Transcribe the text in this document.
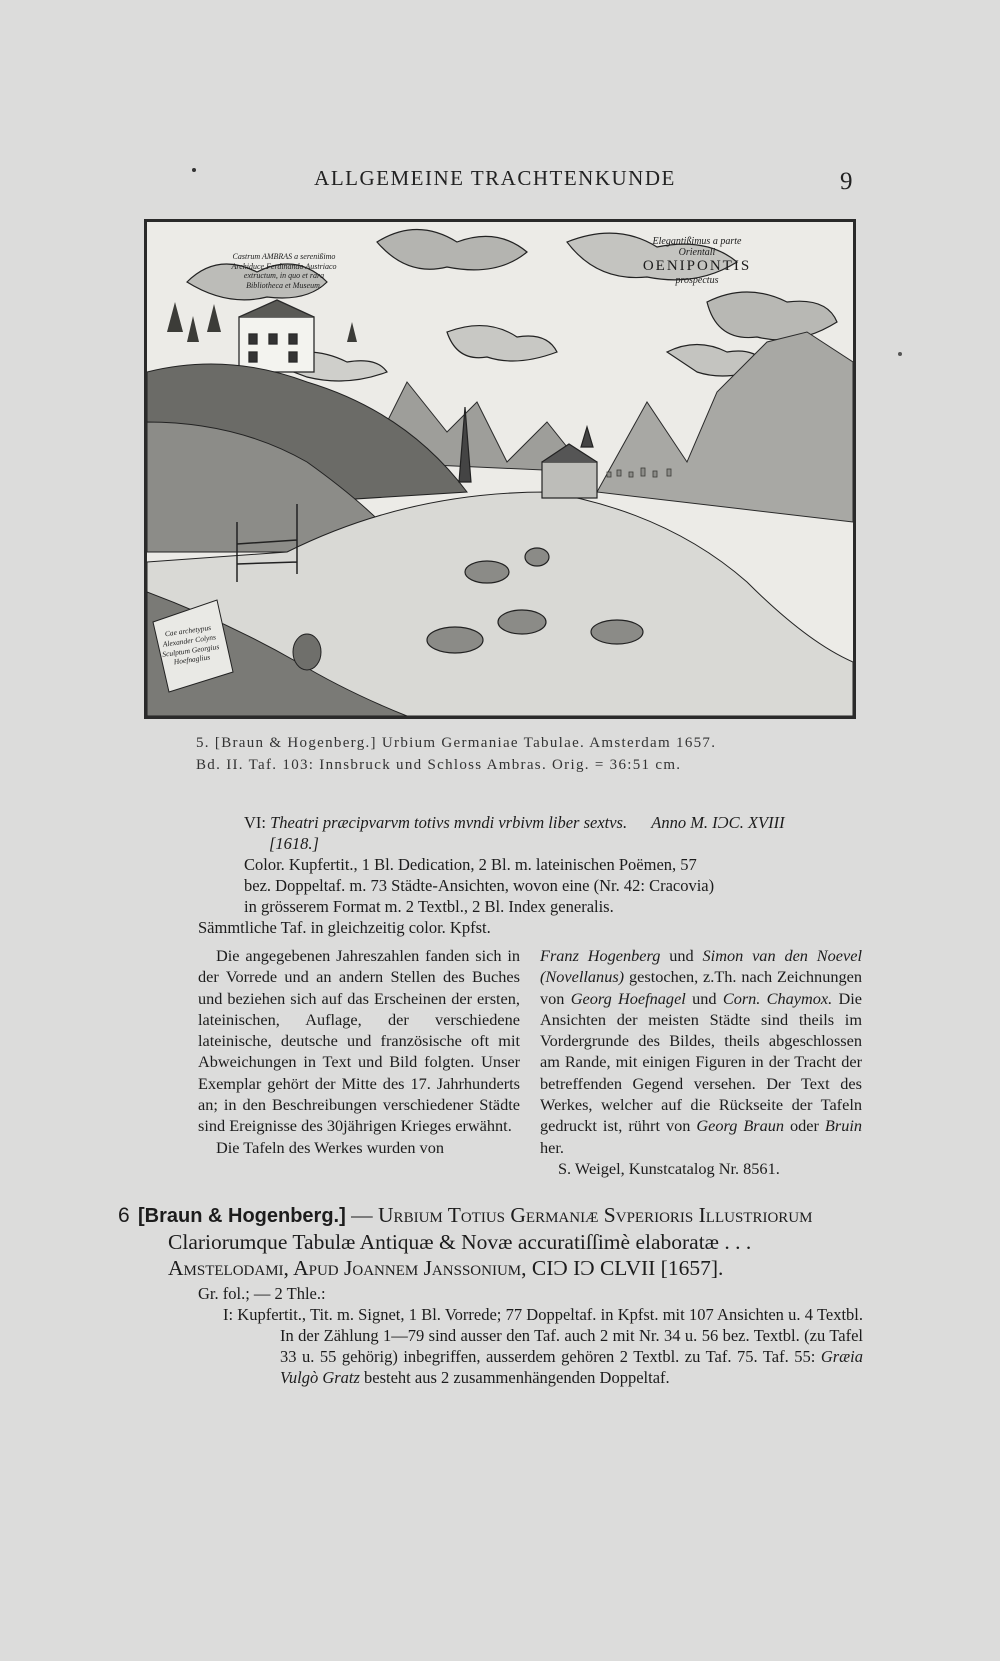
ALLGEMEINE TRACHTENKUNDE	9
Elegantißimus a parte Orientali
OENIPONTIS
prospectus
Castrum AMBRAS a serenißimo Archiduce Ferdinando Austriaco extructum, in quo et rara Bibliotheca et Museum.
Cae archetypus Alexander Colyns Sculptum Georgius Hoefnaglius
5. [Braun & Hogenberg.] Urbium Germaniae Tabulae. Amsterdam 1657.
Bd. II. Taf. 103: Innsbruck und Schloss Ambras. Orig. = 36:51 cm.

VI: Theatri præcipvarvm totivs mvndi vrbivm liber sextvs. Anno M. IϽC. XVIII
[1618.]

Color. Kupfertit., 1 Bl. Dedication, 2 Bl. m. lateinischen Poëmen, 57
bez. Doppeltaf. m. 73 Städte-Ansichten, wovon eine (Nr. 42: Cracovia)
in grösserem Format m. 2 Textbl., 2 Bl. Index generalis.

Sämmtliche Taf. in gleichzeitig color. Kpfst.

Die angegebenen Jahreszahlen fanden sich in der Vorrede und an andern Stellen des Buches und beziehen sich auf das Erscheinen der ersten, lateinischen, Auflage, der verschiedene lateinische, deutsche und französische oft mit Abweichungen in Text und Bild folgten. Unser Exemplar gehört der Mitte des 17. Jahrhunderts an; in den Beschreibungen verschiedener Städte sind Ereignisse des 30jährigen Krieges erwähnt.

Die Tafeln des Werkes wurden von

Franz Hogenberg und Simon van den Noevel (Novellanus) gestochen, z.Th. nach Zeichnungen von Georg Hoefnagel und Corn. Chaymox. Die Ansichten der meisten Städte sind theils im Vordergrunde des Bildes, theils abgeschlossen am Rande, mit einigen Figuren in der Tracht der betreffenden Gegend versehen. Der Text des Werkes, welcher auf die Rückseite der Tafeln gedruckt ist, rührt von Georg Braun oder Bruin her.

S. Weigel, Kunstcatalog Nr. 8561.

6 [Braun & Hogenberg.] — Urbium Totius Germaniæ Svperioris Illustriorum
Clariorumque Tabulæ Antiquæ & Novæ accuratiſſimè elaboratæ . . .
Amstelodami, Apud Joannem Janssonium, CIϽ IϽ CLVII [1657].

Gr. fol.; — 2 Thle.:

I: Kupfertit., Tit. m. Signet, 1 Bl. Vorrede; 77 Doppeltaf. in Kpfst. mit 107 Ansichten u. 4 Textbl. In der Zählung 1—79 sind ausser den Taf. auch 2 mit Nr. 34 u. 56 bez. Textbl. (zu Tafel 33 u. 55 gehörig) inbegriffen, ausserdem gehören 2 Textbl. zu Taf. 75. Taf. 55: Græia Vulgò Gratz besteht aus 2 zusammenhängenden Doppeltaf.
